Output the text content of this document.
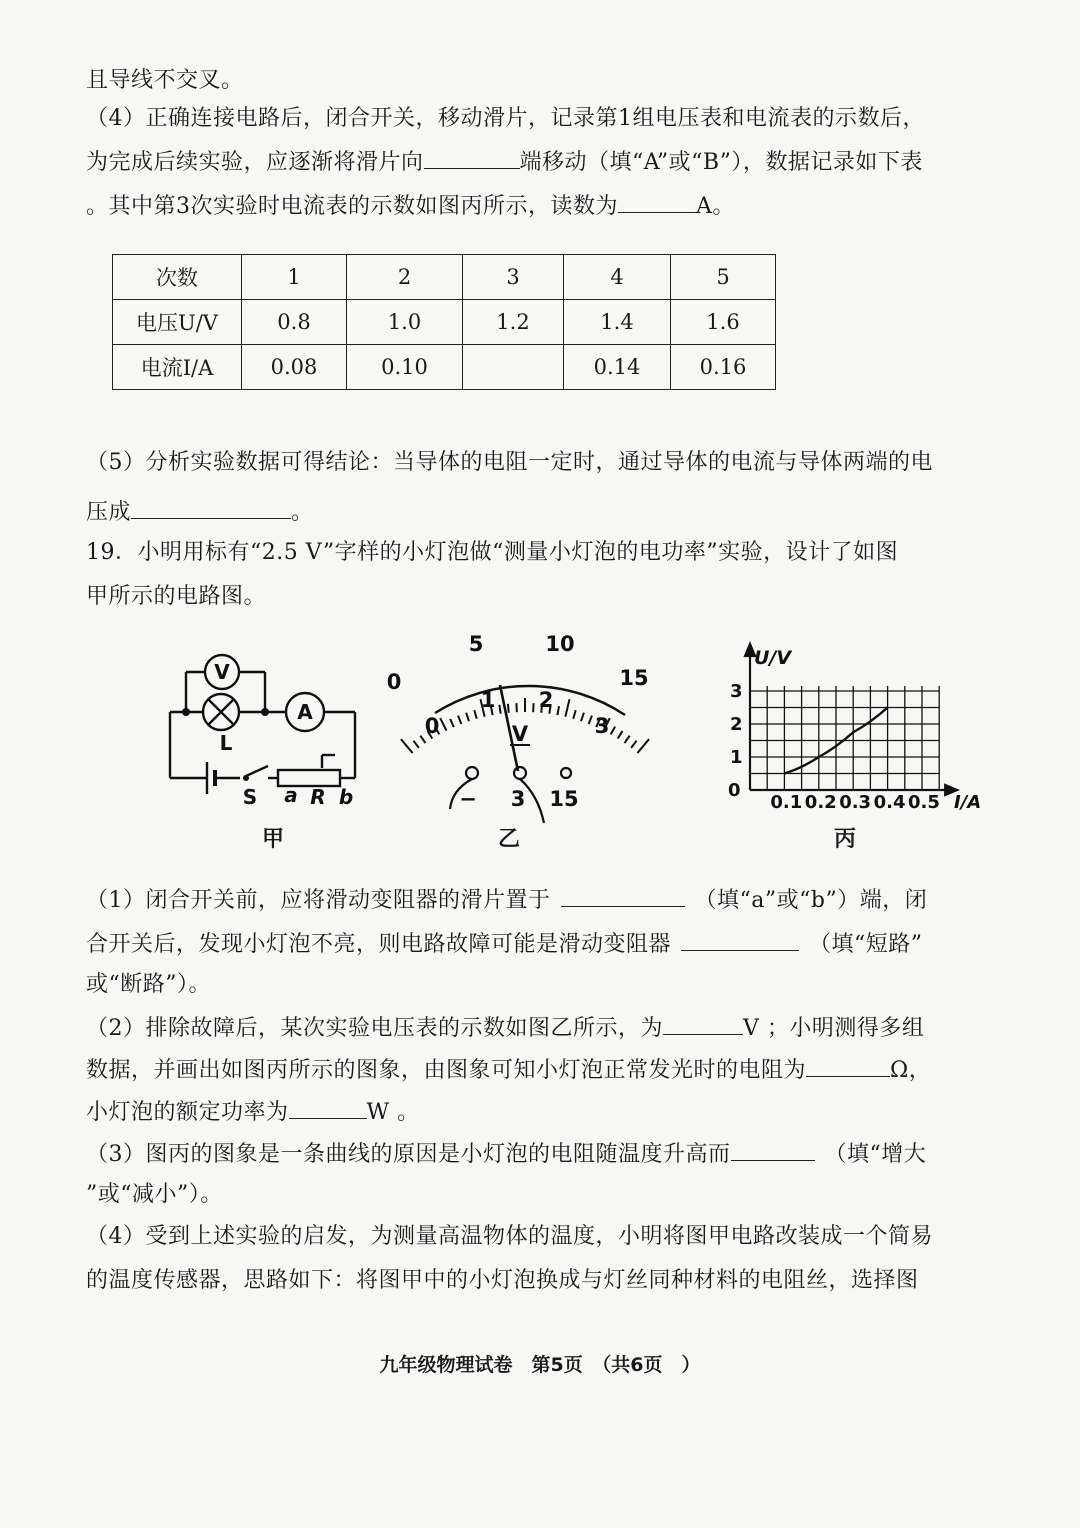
且导线不交叉。
（4）正确连接电路后，闭合开关，移动滑片，记录第1组电压表和电流表的示数后，
为完成后续实验，应逐渐将滑片向	端移动（填“A”或“B”），数据记录如下表
。其中第3次实验时电流表的示数如图丙所示，读数为	A。
次数	1	2	3	4	5
电压U/V	0.8	1.0	1.2	1.4	1.6
电流I/A	0.08	0.10		0.14	0.16
（5）分析实验数据可得结论：当导体的电阻一定时，通过导体的电流与导体两端的电
压成	。
19．小明用标有“2.5 V”字样的小灯泡做“测量小灯泡的电功率”实验，设计了如图
甲所示的电路图。
V
A
L
S a R b
甲
0
5	10
15
0
1 2
3
V
− 3 15
乙
0.1 0.2 0.3 0.4 0.5
1
2
3
U/V
I/A
0
丙
（1）闭合开关前，应将滑动变阻器的滑片置于	（填“a”或“b”）端，闭
合开关后，发现小灯泡不亮，则电路故障可能是滑动变阻器	（填“短路”
或“断路”）。
（2）排除故障后，某次实验电压表的示数如图乙所示，为	V ；小明测得多组
数据，并画出如图丙所示的图象，由图象可知小灯泡正常发光时的电阻为	Ω，
小灯泡的额定功率为	W 。
（3）图丙的图象是一条曲线的原因是小灯泡的电阻随温度升高而	（填“增大
”或“减小”）。
（4）受到上述实验的启发，为测量高温物体的温度，小明将图甲电路改装成一个简易
的温度传感器，思路如下：将图甲中的小灯泡换成与灯丝同种材料的电阻丝，选择图
九年级物理试卷　第5页　（共6页　）
